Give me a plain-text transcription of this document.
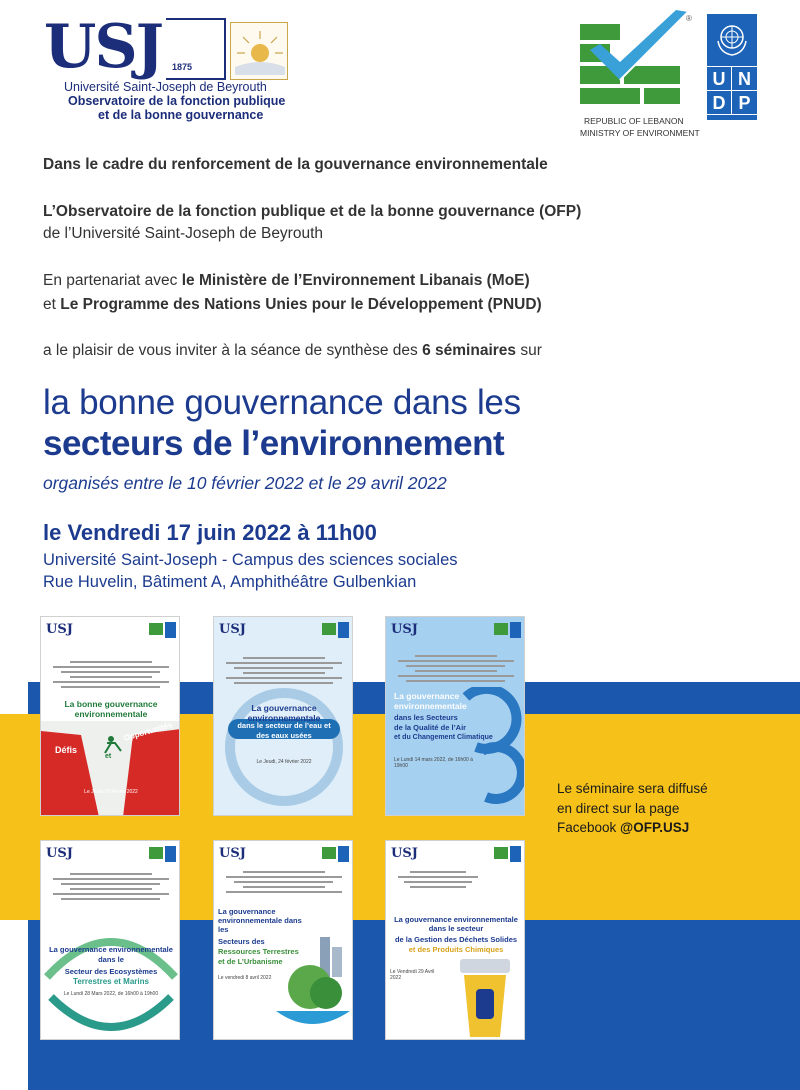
USJ 1875
Université Saint-Joseph de Beyrouth
Observatoire de la fonction publique
et de la bonne gouvernance
®
REPUBLIC OF LEBANON
MINISTRY OF ENVIRONMENT
U N
D P
Dans le cadre du renforcement de la gouvernance environnementale
L’Observatoire de la fonction publique et de la bonne gouvernance (OFP)
de l’Université Saint-Joseph de Beyrouth
En partenariat avec le Ministère de l’Environnement Libanais (MoE)
et Le Programme des Nations Unies pour le Développement (PNUD)
a le plaisir de vous inviter à la séance de synthèse des 6 séminaires sur
la bonne gouvernance dans les
secteurs de l’environnement
organisés entre le 10 février 2022 et le 29 avril 2022
le Vendredi 17 juin 2022 à 11h00
Université Saint-Joseph - Campus des sciences sociales
Rue Huvelin, Bâtiment A, Amphithéâtre Gulbenkian
Le séminaire sera diffusé
en direct sur la page
Facebook @OFP.USJ
USJ
La bonne gouvernance environnementale
Défis
et
Opportunités
Le Jeudi 10 février 2022
USJ
La gouvernance environnementale
dans le secteur de l’eau et des eaux usées
Le Jeudi, 24 février 2022
USJ
La gouvernance environnementale
dans les Secteurs
de la Qualité de l’Air
et du Changement Climatique
Le Lundi 14 mars 2022, de 16h00 à 19h00
USJ
La gouvernance environnementale dans le
Secteur des Ecosystèmes
Terrestres et Marins
Le Lundi 28 Mars 2022, de 16h00 à 19h00
USJ
La gouvernance environnementale dans les
Secteurs des
Ressources Terrestres
et de L’Urbanisme
Le vendredi 8 avril 2022
USJ
La gouvernance environnementale dans le secteur
de la Gestion des Déchets Solides
et des Produits Chimiques
Le Vendredi 29 Avril 2022
